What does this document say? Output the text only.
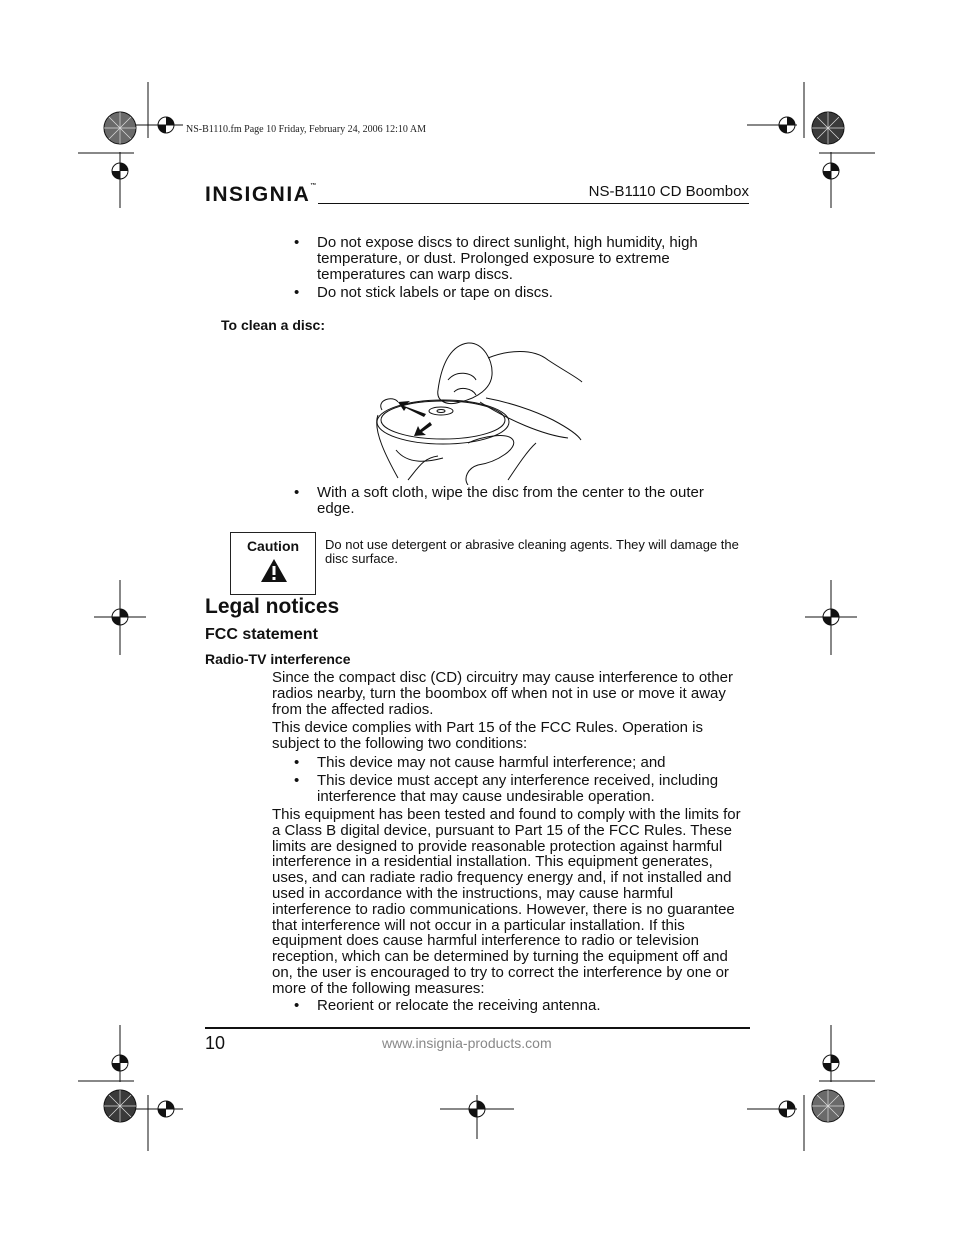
NS-B1110.fm Page 10 Friday, February 24, 2006 12:10 AM
INSIGNIA™	NS-B1110 CD Boombox
• Do not expose discs to direct sunlight, high humidity, high temperature, or dust. Prolonged exposure to extreme temperatures can warp discs.
• Do not stick labels or tape on discs.
To clean a disc:
• With a soft cloth, wipe the disc from the center to the outer edge.
Caution	Do not use detergent or abrasive cleaning agents. They will damage the disc surface.
Legal notices
FCC statement
Radio-TV interference
Since the compact disc (CD) circuitry may cause interference to other radios nearby, turn the boombox off when not in use or move it away from the affected radios.
This device complies with Part 15 of the FCC Rules. Operation is subject to the following two conditions:
• This device may not cause harmful interference; and
• This device must accept any interference received, including interference that may cause undesirable operation.
This equipment has been tested and found to comply with the limits for a Class B digital device, pursuant to Part 15 of the FCC Rules. These limits are designed to provide reasonable protection against harmful interference in a residential installation. This equipment generates, uses, and can radiate radio frequency energy and, if not installed and used in accordance with the instructions, may cause harmful interference to radio communications. However, there is no guarantee that interference will not occur in a particular installation. If this equipment does cause harmful interference to radio or television reception, which can be determined by turning the equipment off and on, the user is encouraged to try to correct the interference by one or more of the following measures:
• Reorient or relocate the receiving antenna.
10	www.insignia-products.com
